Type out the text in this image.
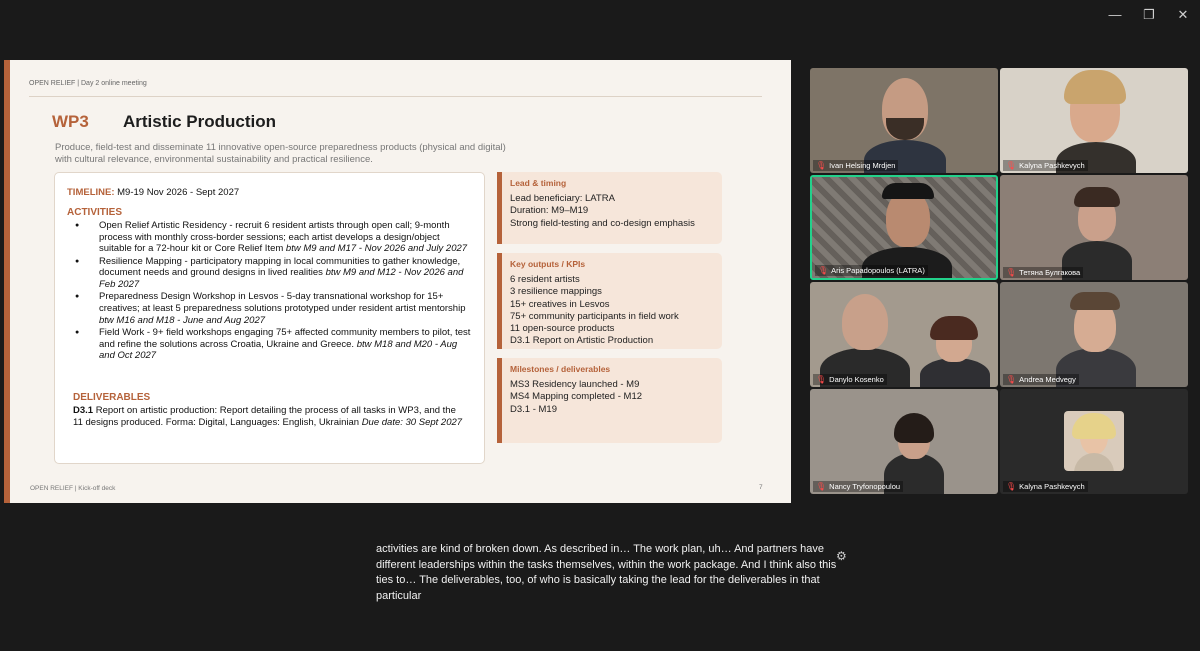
— ❐ ✕
OPEN RELIEF | Day 2 online meeting
WP3 Artistic Production
Produce, field-test and disseminate 11 innovative open-source preparedness products (physical and digital) with cultural relevance, environmental sustainability and practical resilience.
TIMELINE: M9-19 Nov 2026 - Sept 2027
ACTIVITIES
● Open Relief Artistic Residency - recruit 6 resident artists through open call; 9-month process with monthly cross-border sessions; each artist develops a design/object suitable for a 72-hour kit or Core Relief Item btw M9 and M17 - Nov 2026 and July 2027
● Resilience Mapping - participatory mapping in local communities to gather knowledge, document needs and ground designs in lived realities btw M9 and M12 - Nov 2026 and Feb 2027
● Preparedness Design Workshop in Lesvos - 5-day transnational workshop for 15+ creatives; at least 5 preparedness solutions prototyped under resident artist mentorship btw M16 and M18 - June and Aug 2027
● Field Work - 9+ field workshops engaging 75+ affected community members to pilot, test and refine the solutions across Croatia, Ukraine and Greece. btw M18 and M20 - Aug and Oct 2027
DELIVERABLES
D3.1 Report on artistic production: Report detailing the process of all tasks in WP3, and the 11 designs produced. Forma: Digital, Languages: English, Ukrainian Due date: 30 Sept 2027
Lead & timing
Lead beneficiary: LATRA
Duration: M9–M19
Strong field-testing and co-design emphasis
Key outputs / KPIs
6 resident artists
3 resilience mappings
15+ creatives in Lesvos
75+ community participants in field work
11 open-source products
D3.1 Report on Artistic Production
Milestones / deliverables
MS3 Residency launched - M9
MS4 Mapping completed - M12
D3.1 - M19
OPEN RELIEF | Kick-off deck	7
🎙 Ivan Helsing Mrdjen	🎙 Kalyna Pashkevych
🎙 Aris Papadopoulos (LATRA)	🎙 Тетяна Булгакова
🎙 Danylo Kosenko	🎙 Andrea Medvegy
🎙 Nancy Tryfonopoulou	🎙 Kalyna Pashkevych
activities are kind of broken down. As described in… The work plan, uh… And partners have different leaderships within the tasks themselves, within the work package. And I think also this ties to… The deliverables, too, of who is basically taking the lead for the deliverables in that particular
⚙
